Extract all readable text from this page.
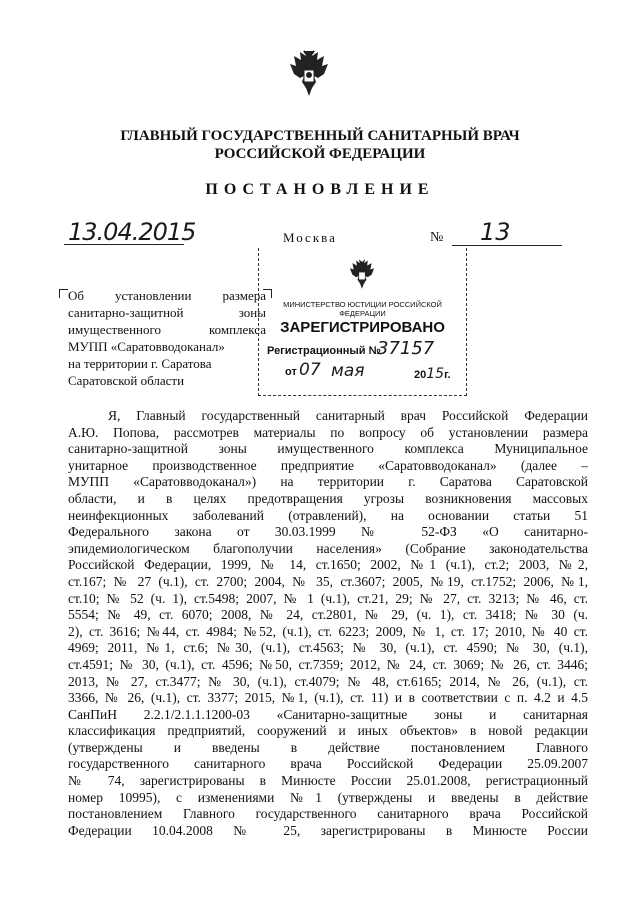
ГЛАВНЫЙ ГОСУДАРСТВЕННЫЙ САНИТАРНЫЙ ВРАЧ
РОССИЙСКОЙ ФЕДЕРАЦИИ
ПОСТАНОВЛЕНИЕ
13.04.2015	Москва	№ 13
Об установлении размера
санитарно-защитной зоны
имущественного комплекса
МУПП «Саратовводоканал»
на территории г. Саратова
Саратовской области
МИНИСТЕРСТВО ЮСТИЦИИ РОССИЙСКОЙ ФЕДЕРАЦИИ
ЗАРЕГИСТРИРОВАНО
Регистрационный №
37157
от 07 мая	2015г.
Я, Главный государственный санитарный врач Российской Федерации
А.Ю. Попова, рассмотрев материалы по вопросу об установлении размера
санитарно-защитной зоны имущественного комплекса Муниципальное
унитарное производственное предприятие «Саратовводоканал» (далее –
МУПП «Саратовводоканал») на территории г. Саратова Саратовской
области, и в целях предотвращения угрозы возникновения массовых
неинфекционных заболеваний (отравлений), на основании статьи 51
Федерального закона от 30.03.1999 № 52-ФЗ «О санитарно-
эпидемиологическом благополучии населения» (Собрание законодательства
Российской Федерации, 1999, № 14, ст.1650; 2002, №1 (ч.1), ст.2; 2003, №2,
ст.167; № 27 (ч.1), ст. 2700; 2004, № 35, ст.3607; 2005, №19, ст.1752; 2006, №1,
ст.10; № 52 (ч. 1), ст.5498; 2007, № 1 (ч.1), ст.21, 29; № 27, ст. 3213; № 46, ст.
5554; № 49, ст. 6070; 2008, № 24, ст.2801, № 29, (ч. 1), ст. 3418; № 30 (ч.
2), ст. 3616; №44, ст. 4984; №52, (ч.1), ст. 6223; 2009, № 1, ст. 17; 2010, № 40 ст.
4969; 2011, №1, ст.6; №30, (ч.1), ст.4563; № 30, (ч.1), ст. 4590; № 30, (ч.1),
ст.4591; № 30, (ч.1), ст. 4596; №50, ст.7359; 2012, № 24, ст. 3069; № 26, ст. 3446;
2013, № 27, ст.3477; № 30, (ч.1), ст.4079; № 48, ст.6165; 2014, № 26, (ч.1), ст.
3366, № 26, (ч.1), ст. 3377; 2015, №1, (ч.1), ст. 11) и в соответствии с п. 4.2 и 4.5
СанПиН 2.2.1/2.1.1.1200-03 «Санитарно-защитные зоны и санитарная
классификация предприятий, сооружений и иных объектов» в новой редакции
(утверждены и введены в действие постановлением Главного
государственного санитарного врача Российской Федерации 25.09.2007
№ 74, зарегистрированы в Минюсте России 25.01.2008, регистрационный
номер 10995), с изменениями №1 (утверждены и введены в действие
постановлением Главного государственного санитарного врача Российской
Федерации 10.04.2008 № 25, зарегистрированы в Минюсте России
